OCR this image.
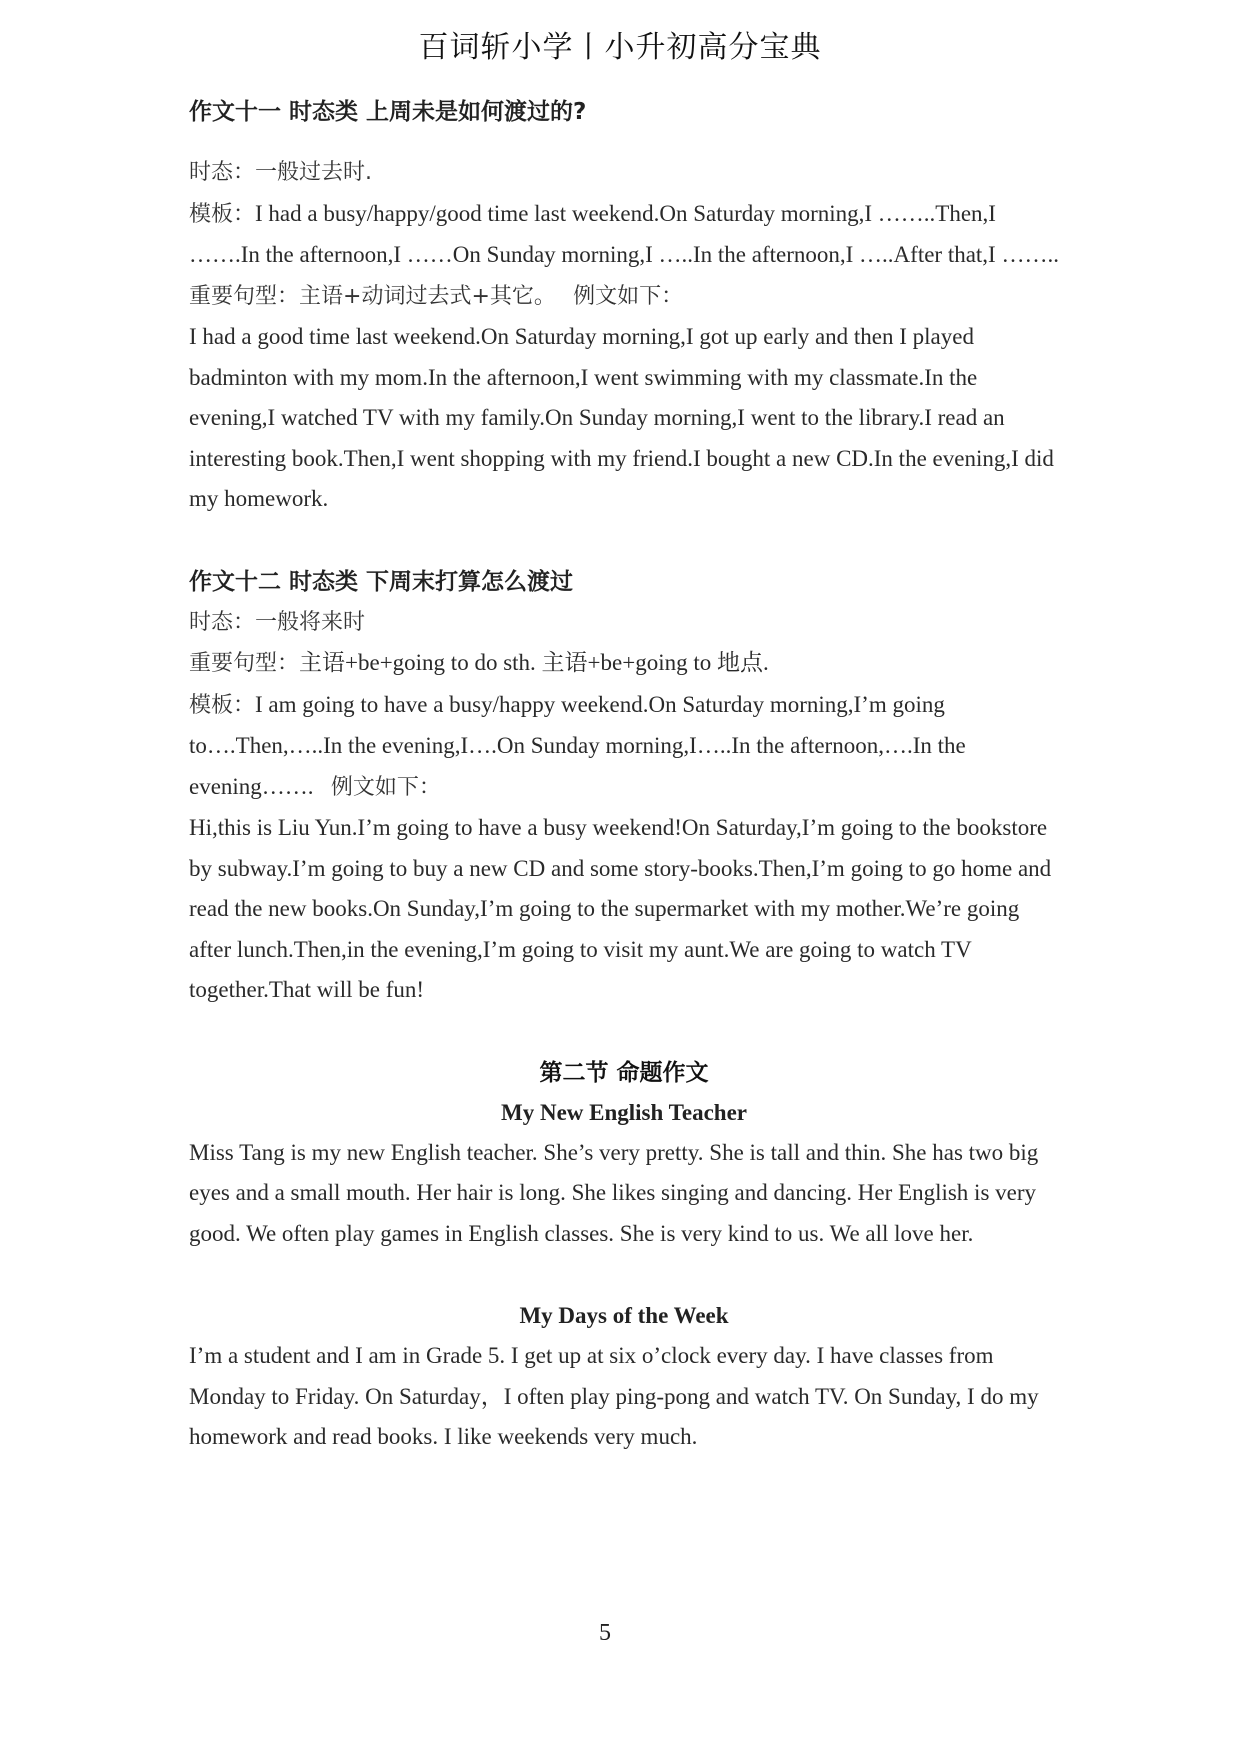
百词斩小学丨小升初高分宝典
作文十一 时态类 上周未是如何渡过的?

时态：一般过去时.

模板：I had a busy/happy/good time last weekend.On Saturday morning,I ……..Then,I …….In the afternoon,I ……On Sunday morning,I …..In the afternoon,I …..After that,I ……..

重要句型：主语+动词过去式+其它。 例文如下：

I had a good time last weekend.On Saturday morning,I got up early and then I played badminton with my mom.In the afternoon,I went swimming with my classmate.In the evening,I watched TV with my family.On Sunday morning,I went to the library.I read an interesting book.Then,I went shopping with my friend.I bought a new CD.In the evening,I did my homework.

作文十二 时态类 下周末打算怎么渡过

时态：一般将来时

重要句型：主语+be+going to do sth. 主语+be+going to 地点.

模板：I am going to have a busy/happy weekend.On Saturday morning,I’m going to….Then,…..In the evening,I….On Sunday morning,I…..In the afternoon,….In the evening……. 例文如下：

Hi,this is Liu Yun.I’m going to have a busy weekend!On Saturday,I’m going to the bookstore by subway.I’m going to buy a new CD and some story-books.Then,I’m going to go home and read the new books.On Sunday,I’m going to the supermarket with my mother.We’re going after lunch.Then,in the evening,I’m going to visit my aunt.We are going to watch TV together.That will be fun!

第二节 命题作文
My New English Teacher

Miss Tang is my new English teacher. She’s very pretty. She is tall and thin. She has two big eyes and a small mouth. Her hair is long. She likes singing and dancing. Her English is very good. We often play games in English classes. She is very kind to us. We all love her.

My Days of the Week

I’m a student and I am in Grade 5. I get up at six o’clock every day. I have classes from Monday to Friday. On Saturday，I often play ping-pong and watch TV. On Sunday, I do my homework and read books. I like weekends very much.

5
